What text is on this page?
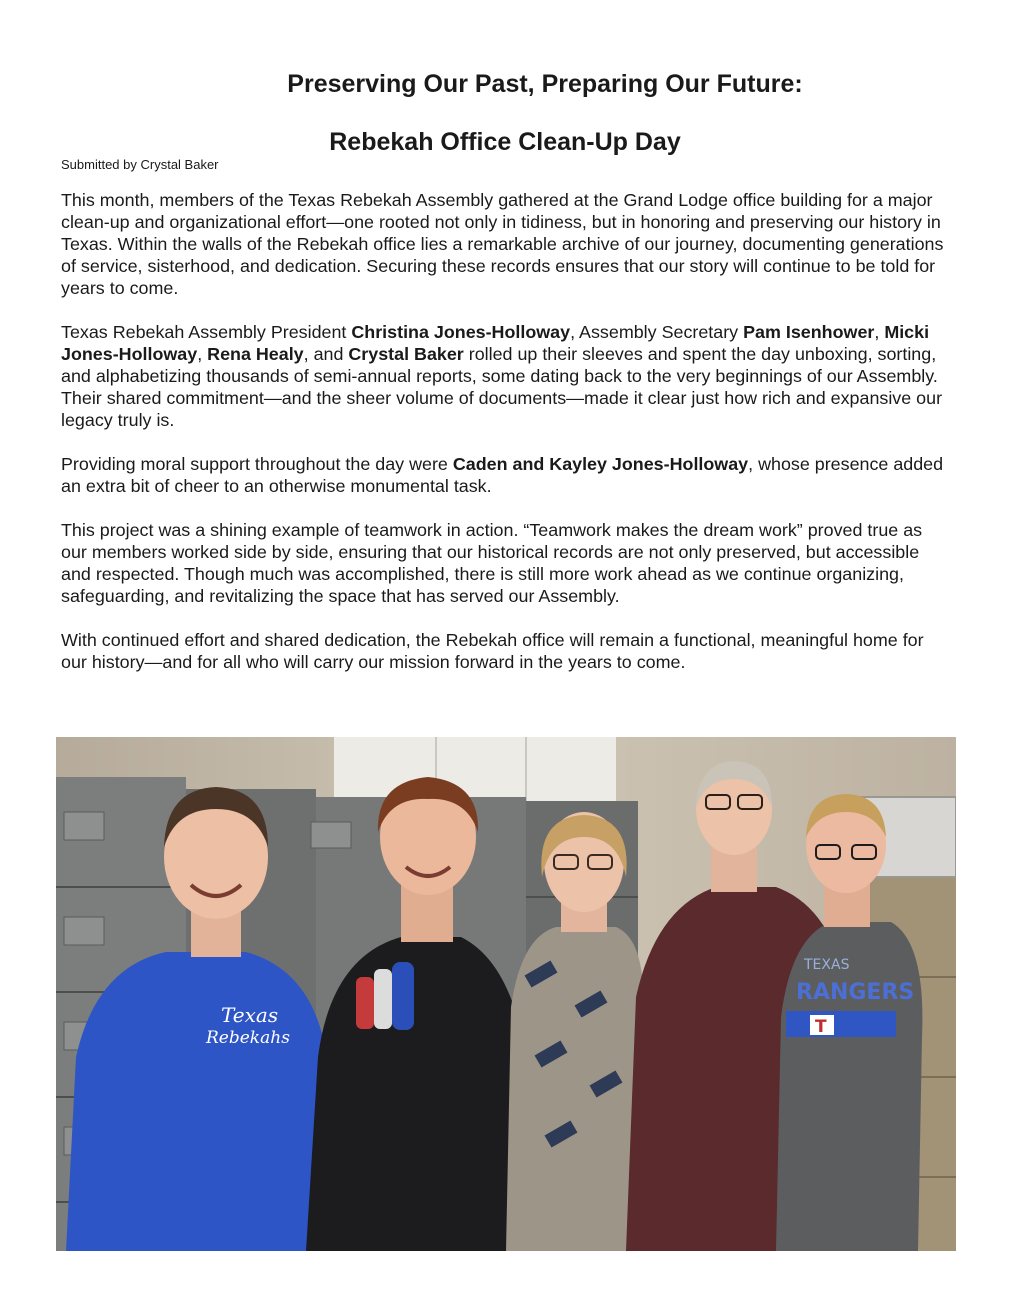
Preserving Our Past, Preparing Our Future:
Rebekah Office Clean-Up Day
Submitted by Crystal Baker

This month, members of the Texas Rebekah Assembly gathered at the Grand Lodge office building for a major clean-up and organizational effort—one rooted not only in tidiness, but in honoring and preserving our history in Texas. Within the walls of the Rebekah office lies a remarkable archive of our journey, documenting generations of service, sisterhood, and dedication. Securing these records ensures that our story will continue to be told for years to come.

Texas Rebekah Assembly President Christina Jones-Holloway, Assembly Secretary Pam Isenhower, Micki Jones-Holloway, Rena Healy, and Crystal Baker rolled up their sleeves and spent the day unboxing, sorting, and alphabetizing thousands of semi-annual reports, some dating back to the very beginnings of our Assembly. Their shared commitment—and the sheer volume of documents—made it clear just how rich and expansive our legacy truly is.

Providing moral support throughout the day were Caden and Kayley Jones-Holloway, whose presence added an extra bit of cheer to an otherwise monumental task.

This project was a shining example of teamwork in action. “Teamwork makes the dream work” proved true as our members worked side by side, ensuring that our historical records are not only preserved, but accessible and respected. Though much was accomplished, there is still more work ahead as we continue organizing, safeguarding, and revitalizing the space that has served our Assembly.

With continued effort and shared dedication, the Rebekah office will remain a functional, meaningful home for our history—and for all who will carry our mission forward in the years to come.

Texas
Rebekahs
TEXAS
RANGERS
T
